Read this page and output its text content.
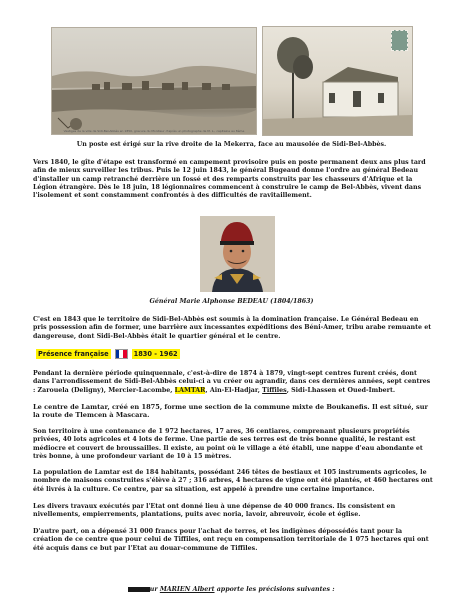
Vestiges de la ville de Sidi-Bel-Abbès en 1850, gravure du Moniteur d'après un photographe de M. L., capitaine au 8ème
Un poste est érigé sur la rive droite de la Mekerra, face au mausolée de Sidi-Bel-Abbès.

Vers 1840, le gîte d'étape est transformé en campement provisoire puis en poste permanent deux ans plus tard afin de mieux surveiller les tribus. Puis le 12 juin 1843, le général Bugeaud donne l'ordre au général Bedeau d'installer un camp retranché derrière un fossé et des remparts construits par les chasseurs d'Afrique et la Légion étrangère. Dès le 18 juin, 18 légionnaires commencent à construire le camp de Bel-Abbès, vivent dans l'isolement et sont constamment confrontés à des difficultés de ravitaillement.

Général Marie Alphonse BEDEAU (1804/1863)

C'est en 1843 que le territoire de Sidi-Bel-Abbès est soumis à la domination française. Le Général Bedeau en pris possession afin de former, une barrière aux incessantes expéditions des Béni-Amer, tribu arabe remuante et dangereuse, dont Sidi-Bel-Abbès était le quartier général et le centre.

Présence française	1830 - 1962

Pendant la dernière période quinquennale, c'est-à-dire de 1874 à 1879, vingt-sept centres furent créés, dont dans l'arrondissement de Sidi-Bel-Abbès celui-ci a vu créer ou agrandir, dans ces dernières années, sept centres : Zarouela (Deligny), Mercier-Lacombe, LAMTAR, Ain-El-Hadjar, Tiffiles, Sidi-Lhassen et Oued-Imbert.

Le centre de Lamtar, créé en 1875, forme une section de la commune mixte de Boukanefis. Il est situé, sur la route de Tlemcen à Mascara.

Son territoire à une contenance de 1 972 hectares, 17 ares, 36 centiares, comprenant plusieurs propriétés privées, 40 lots agricoles et 4 lots de ferme. Une partie de ses terres est de très bonne qualité, le restant est médiocre et couvert de broussailles. Il existe, au point où le village a été établi, une nappe d'eau abondante et très bonne, à une profondeur variant de 10 à 15 mètres.

La population de Lamtar est de 184 habitants, possédant 246 têtes de bestiaux et 105 instruments agricoles, le nombre de maisons construites s'élève à 27 ; 316 arbres, 4 hectares de vigne ont été plantés, et 460 hectares ont été livrés à la culture. Ce centre, par sa situation, est appelé à prendre une certaine importance.

Les divers travaux exécutés par l'Etat ont donné lieu à une dépense de 40 000 francs. Ils consistent en nivellements, empierrements, plantations, puits avec noria, lavoir, abreuvoir, école et église.

D'autre part, on a dépensé 31 000 francs pour l'achat de terres, et les indigènes dépossédés tant pour la création de ce centre que pour celui de Tiffiles, ont reçu en compensation territoriale de 1 075 hectares qui ont été acquis dans ce but par l'Etat au douar-commune de Tiffiles.

Monsieurur MARIEN Albert apporte les précisions suivantes :
